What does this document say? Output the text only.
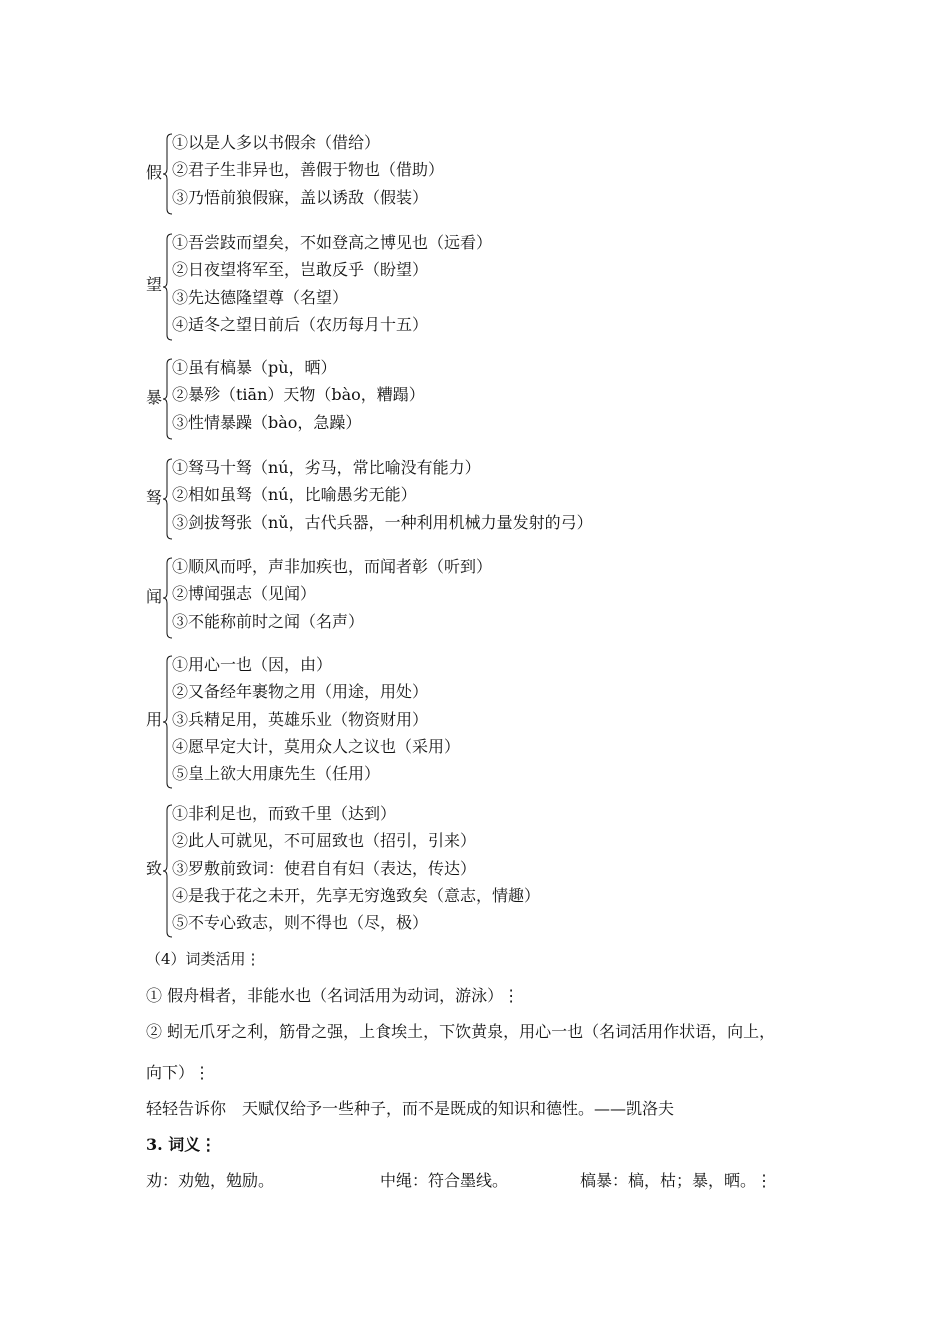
假
①以是人多以书假余（借给）
②君子生非异也，善假于物也（借助）
③乃悟前狼假寐，盖以诱敌（假装）
望
①吾尝跂而望矣，不如登高之博见也（远看）
②日夜望将军至，岂敢反乎（盼望）
③先达德隆望尊（名望）
④适冬之望日前后（农历每月十五）
暴
①虽有槁暴（pù，晒）
②暴殄（tiān）天物（bào，糟蹋）
③性情暴躁（bào，急躁）
驽
①驽马十驽（nú，劣马，常比喻没有能力）
②相如虽驽（nú，比喻愚劣无能）
③剑拔弩张（nǔ，古代兵器，一种利用机械力量发射的弓）
闻
①顺风而呼，声非加疾也，而闻者彰（听到）
②博闻强志（见闻）
③不能称前时之闻（名声）
用
①用心一也（因，由）
②又备经年裹物之用（用途，用处）
③兵精足用，英雄乐业（物资财用）
④愿早定大计，莫用众人之议也（采用）
⑤皇上欲大用康先生（任用）
致
①非利足也，而致千里（达到）
②此人可就见，不可屈致也（招引，引来）
③罗敷前致词：使君自有妇（表达，传达）
④是我于花之未开，先享无穷逸致矣（意志，情趣）
⑤不专心致志，则不得也（尽，极）
（4）词类活用⋮
① 假舟楫者，非能水也（名词活用为动词，游泳）⋮
② 蚓无爪牙之利，筋骨之强，上食埃土，下饮黄泉，用心一也（名词活用作状语，向上，
向下）⋮
轻轻告诉你　天赋仅给予一些种子，而不是既成的知识和德性。——凯洛夫
3. 词义⋮
劝：劝勉，勉励。	中绳：符合墨线。	槁暴：槁，枯；暴，晒。⋮
